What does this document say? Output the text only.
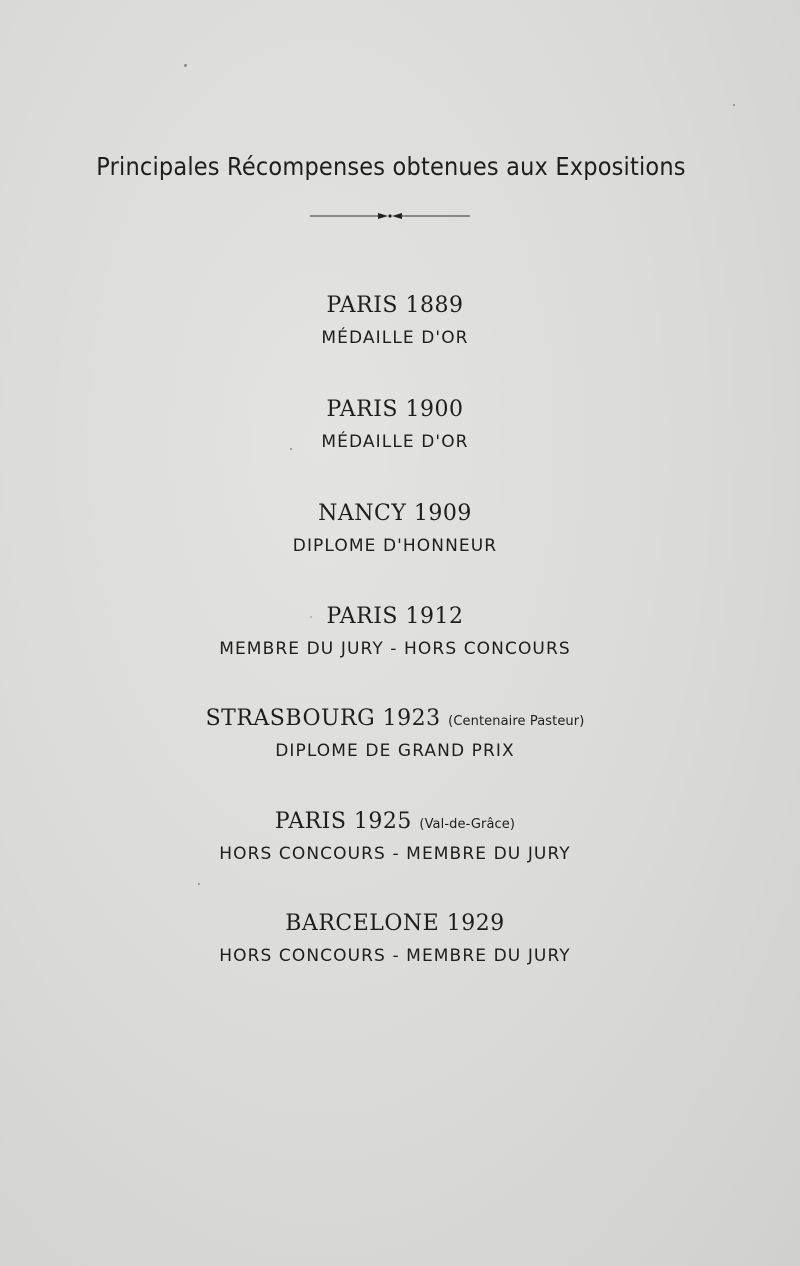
Principales Récompenses obtenues aux Expositions
PARIS 1889
MÉDAILLE D'OR
PARIS 1900
MÉDAILLE D'OR
NANCY 1909
DIPLOME D'HONNEUR
PARIS 1912
MEMBRE DU JURY - HORS CONCOURS
STRASBOURG 1923 (Centenaire Pasteur)
DIPLOME DE GRAND PRIX
PARIS 1925 (Val-de-Grâce)
HORS CONCOURS - MEMBRE DU JURY
BARCELONE 1929
HORS CONCOURS - MEMBRE DU JURY
